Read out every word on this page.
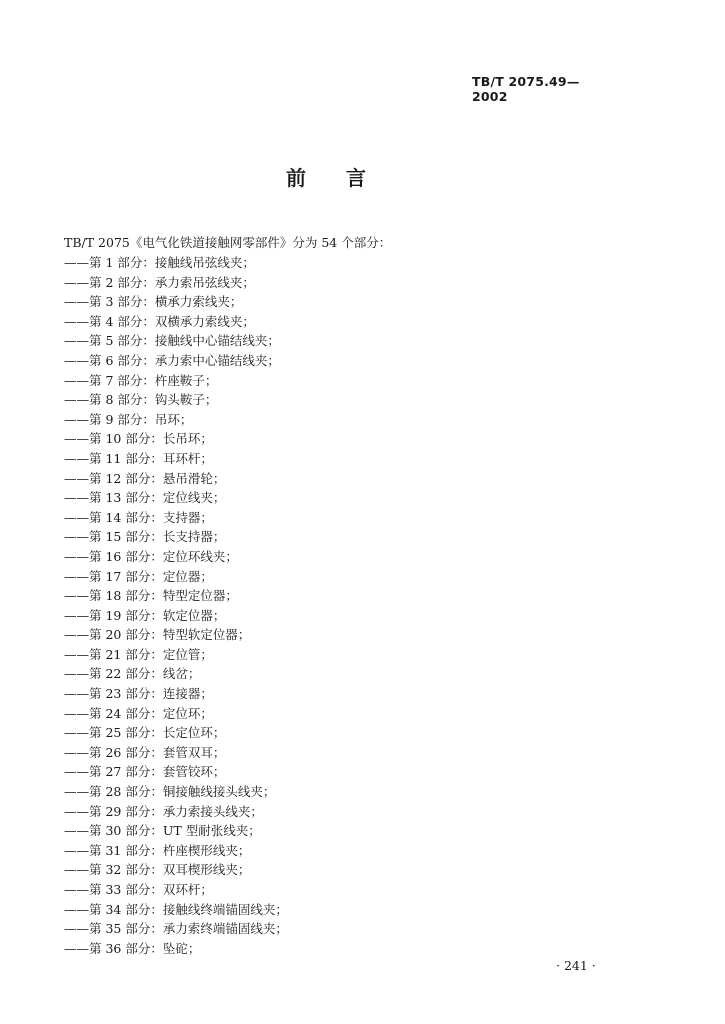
TB/T 2075.49—2002
前 言
TB/T 2075《电气化铁道接触网零部件》分为 54 个部分：
——第 1 部分：接触线吊弦线夹；
——第 2 部分：承力索吊弦线夹；
——第 3 部分：横承力索线夹；
——第 4 部分：双横承力索线夹；
——第 5 部分：接触线中心锚结线夹；
——第 6 部分：承力索中心锚结线夹；
——第 7 部分：杵座鞍子；
——第 8 部分：钩头鞍子；
——第 9 部分：吊环；
——第 10 部分：长吊环；
——第 11 部分：耳环杆；
——第 12 部分：悬吊滑轮；
——第 13 部分：定位线夹；
——第 14 部分：支持器；
——第 15 部分：长支持器；
——第 16 部分：定位环线夹；
——第 17 部分：定位器；
——第 18 部分：特型定位器；
——第 19 部分：软定位器；
——第 20 部分：特型软定位器；
——第 21 部分：定位管；
——第 22 部分：线岔；
——第 23 部分：连接器；
——第 24 部分：定位环；
——第 25 部分：长定位环；
——第 26 部分：套管双耳；
——第 27 部分：套管铰环；
——第 28 部分：铜接触线接头线夹；
——第 29 部分：承力索接头线夹；
——第 30 部分：UT 型耐张线夹；
——第 31 部分：杵座楔形线夹；
——第 32 部分：双耳楔形线夹；
——第 33 部分：双环杆；
——第 34 部分：接触线终端锚固线夹；
——第 35 部分：承力索终端锚固线夹；
——第 36 部分：坠砣；
· 241 ·
